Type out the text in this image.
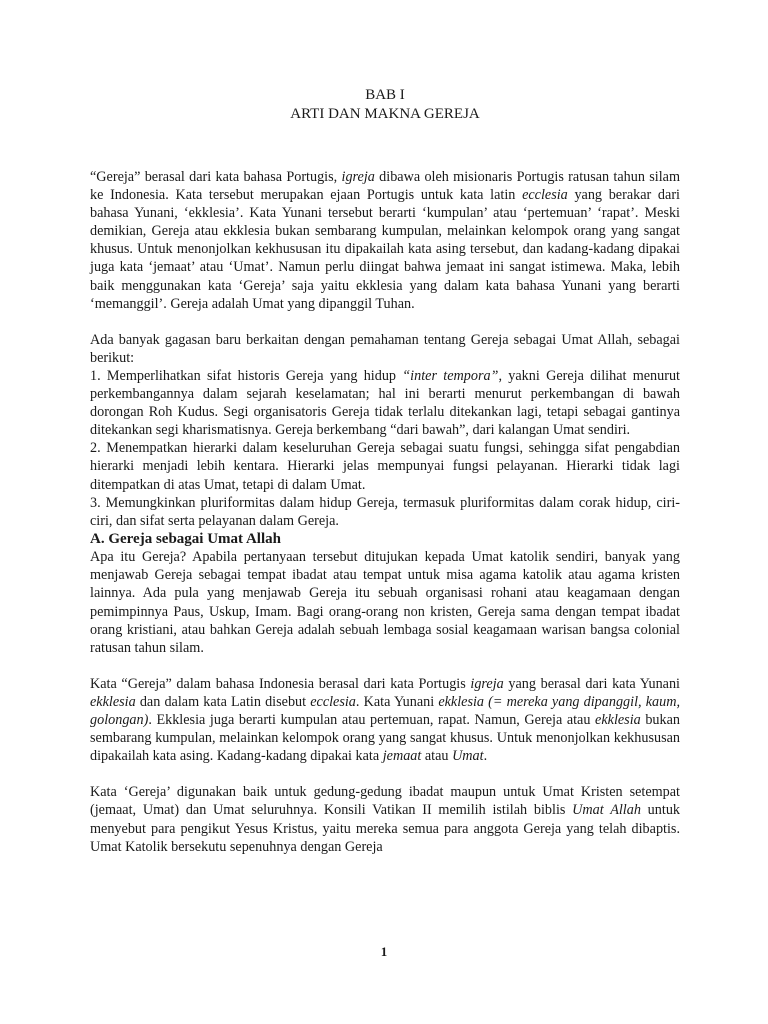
BAB I
ARTI DAN MAKNA GEREJA

“Gereja” berasal dari kata bahasa Portugis, igreja dibawa oleh misionaris Portugis ratusan tahun silam ke Indonesia. Kata tersebut merupakan ejaan Portugis untuk kata latin ecclesia yang berakar dari bahasa Yunani, ‘ekklesia’. Kata Yunani tersebut berarti ‘kumpulan’ atau ‘pertemuan’ ‘rapat’. Meski demikian, Gereja atau ekklesia bukan sembarang kumpulan, melainkan kelompok orang yang sangat khusus. Untuk menonjolkan kekhususan itu dipakailah kata asing tersebut, dan kadang-kadang dipakai juga kata ‘jemaat’ atau ‘Umat’. Namun perlu diingat bahwa jemaat ini sangat istimewa. Maka, lebih baik menggunakan kata ‘Gereja’ saja yaitu ekklesia yang dalam kata bahasa Yunani yang berarti ‘memanggil’. Gereja adalah Umat yang dipanggil Tuhan.

Ada banyak gagasan baru berkaitan dengan pemahaman tentang Gereja sebagai Umat Allah, sebagai berikut:

1. Memperlihatkan sifat historis Gereja yang hidup “inter tempora”, yakni Gereja dilihat menurut perkembangannya dalam sejarah keselamatan; hal ini berarti menurut perkembangan di bawah dorongan Roh Kudus. Segi organisatoris Gereja tidak terlalu ditekankan lagi, tetapi sebagai gantinya ditekankan segi kharismatisnya. Gereja berkembang “dari bawah”, dari kalangan Umat sendiri.

2. Menempatkan hierarki dalam keseluruhan Gereja sebagai suatu fungsi, sehingga sifat pengabdian hierarki menjadi lebih kentara. Hierarki jelas mempunyai fungsi pelayanan. Hierarki tidak lagi ditempatkan di atas Umat, tetapi di dalam Umat.

3. Memungkinkan pluriformitas dalam hidup Gereja, termasuk pluriformitas dalam corak hidup, ciri-ciri, dan sifat serta pelayanan dalam Gereja.

A. Gereja sebagai Umat Allah

Apa itu Gereja? Apabila pertanyaan tersebut ditujukan kepada Umat katolik sendiri, banyak yang menjawab Gereja sebagai tempat ibadat atau tempat untuk misa agama katolik atau agama kristen lainnya. Ada pula yang menjawab Gereja itu sebuah organisasi rohani atau keagamaan dengan pemimpinnya Paus, Uskup, Imam. Bagi orang-orang non kristen, Gereja sama dengan tempat ibadat orang kristiani, atau bahkan Gereja adalah sebuah lembaga sosial keagamaan warisan bangsa colonial ratusan tahun silam.

Kata “Gereja” dalam bahasa Indonesia berasal dari kata Portugis igreja yang berasal dari kata Yunani ekklesia dan dalam kata Latin disebut ecclesia. Kata Yunani ekklesia (= mereka yang dipanggil, kaum, golongan). Ekklesia juga berarti kumpulan atau pertemuan, rapat. Namun, Gereja atau ekklesia bukan sembarang kumpulan, melainkan kelompok orang yang sangat khusus. Untuk menonjolkan kekhususan dipakailah kata asing. Kadang-kadang dipakai kata jemaat atau Umat.

Kata ‘Gereja’ digunakan baik untuk gedung-gedung ibadat maupun untuk Umat Kristen setempat (jemaat, Umat) dan Umat seluruhnya. Konsili Vatikan II memilih istilah biblis Umat Allah untuk menyebut para pengikut Yesus Kristus, yaitu mereka semua para anggota Gereja yang telah dibaptis. Umat Katolik bersekutu sepenuhnya dengan Gereja

1
